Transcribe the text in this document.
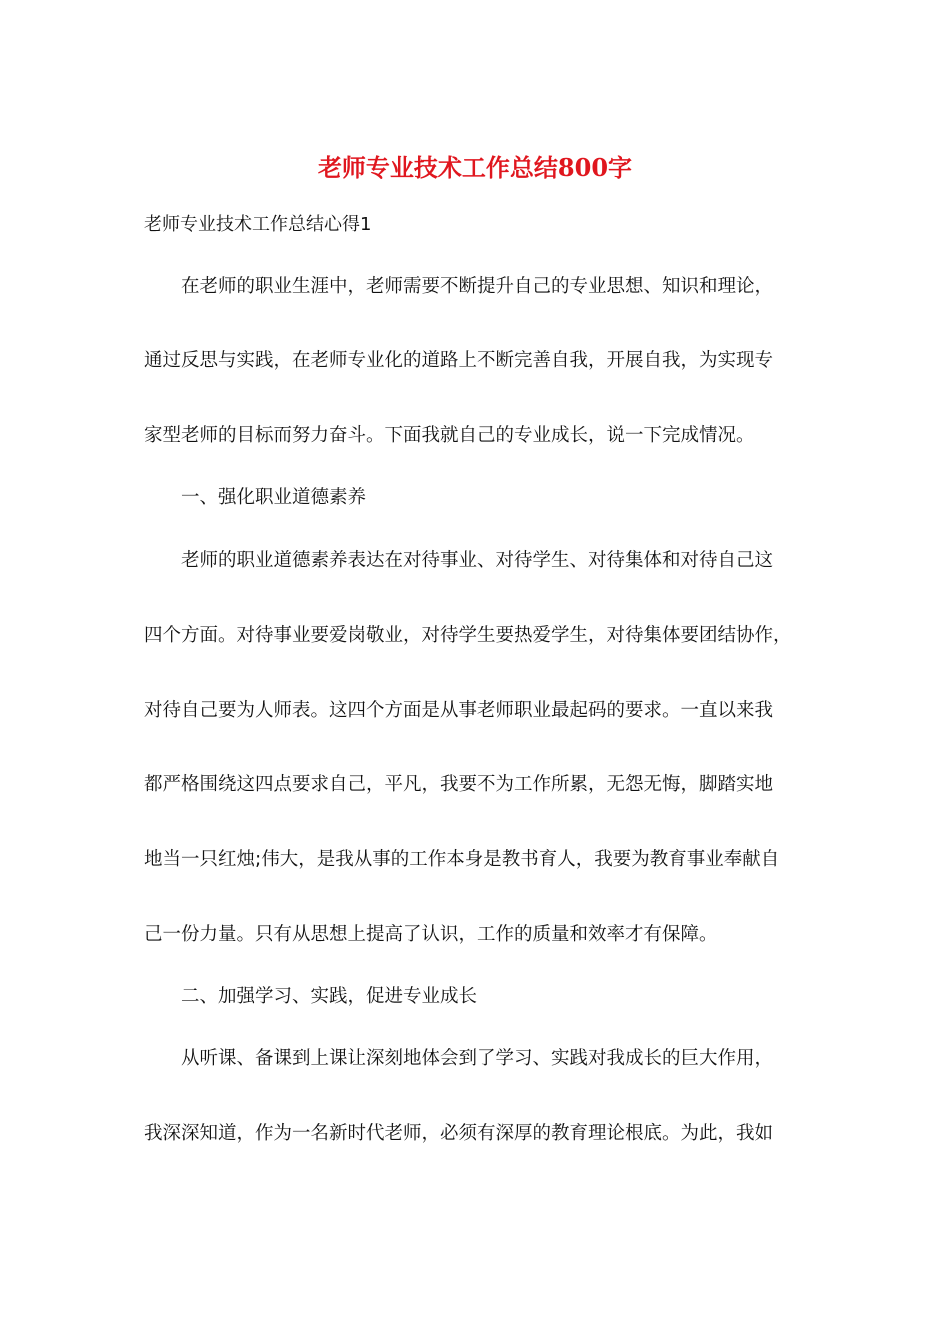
老师专业技术工作总结800字

老师专业技术工作总结心得1

在老师的职业生涯中，老师需要不断提升自己的专业思想、知识和理论，

通过反思与实践，在老师专业化的道路上不断完善自我，开展自我，为实现专

家型老师的目标而努力奋斗。下面我就自己的专业成长，说一下完成情况。

一、强化职业道德素养

老师的职业道德素养表达在对待事业、对待学生、对待集体和对待自己这

四个方面。对待事业要爱岗敬业，对待学生要热爱学生，对待集体要团结协作，

对待自己要为人师表。这四个方面是从事老师职业最起码的要求。一直以来我

都严格围绕这四点要求自己，平凡，我要不为工作所累，无怨无悔，脚踏实地

地当一只红烛;伟大，是我从事的工作本身是教书育人，我要为教育事业奉献自

己一份力量。只有从思想上提高了认识，工作的质量和效率才有保障。

二、加强学习、实践，促进专业成长

从听课、备课到上课让深刻地体会到了学习、实践对我成长的巨大作用，

我深深知道，作为一名新时代老师，必须有深厚的教育理论根底。为此，我如
